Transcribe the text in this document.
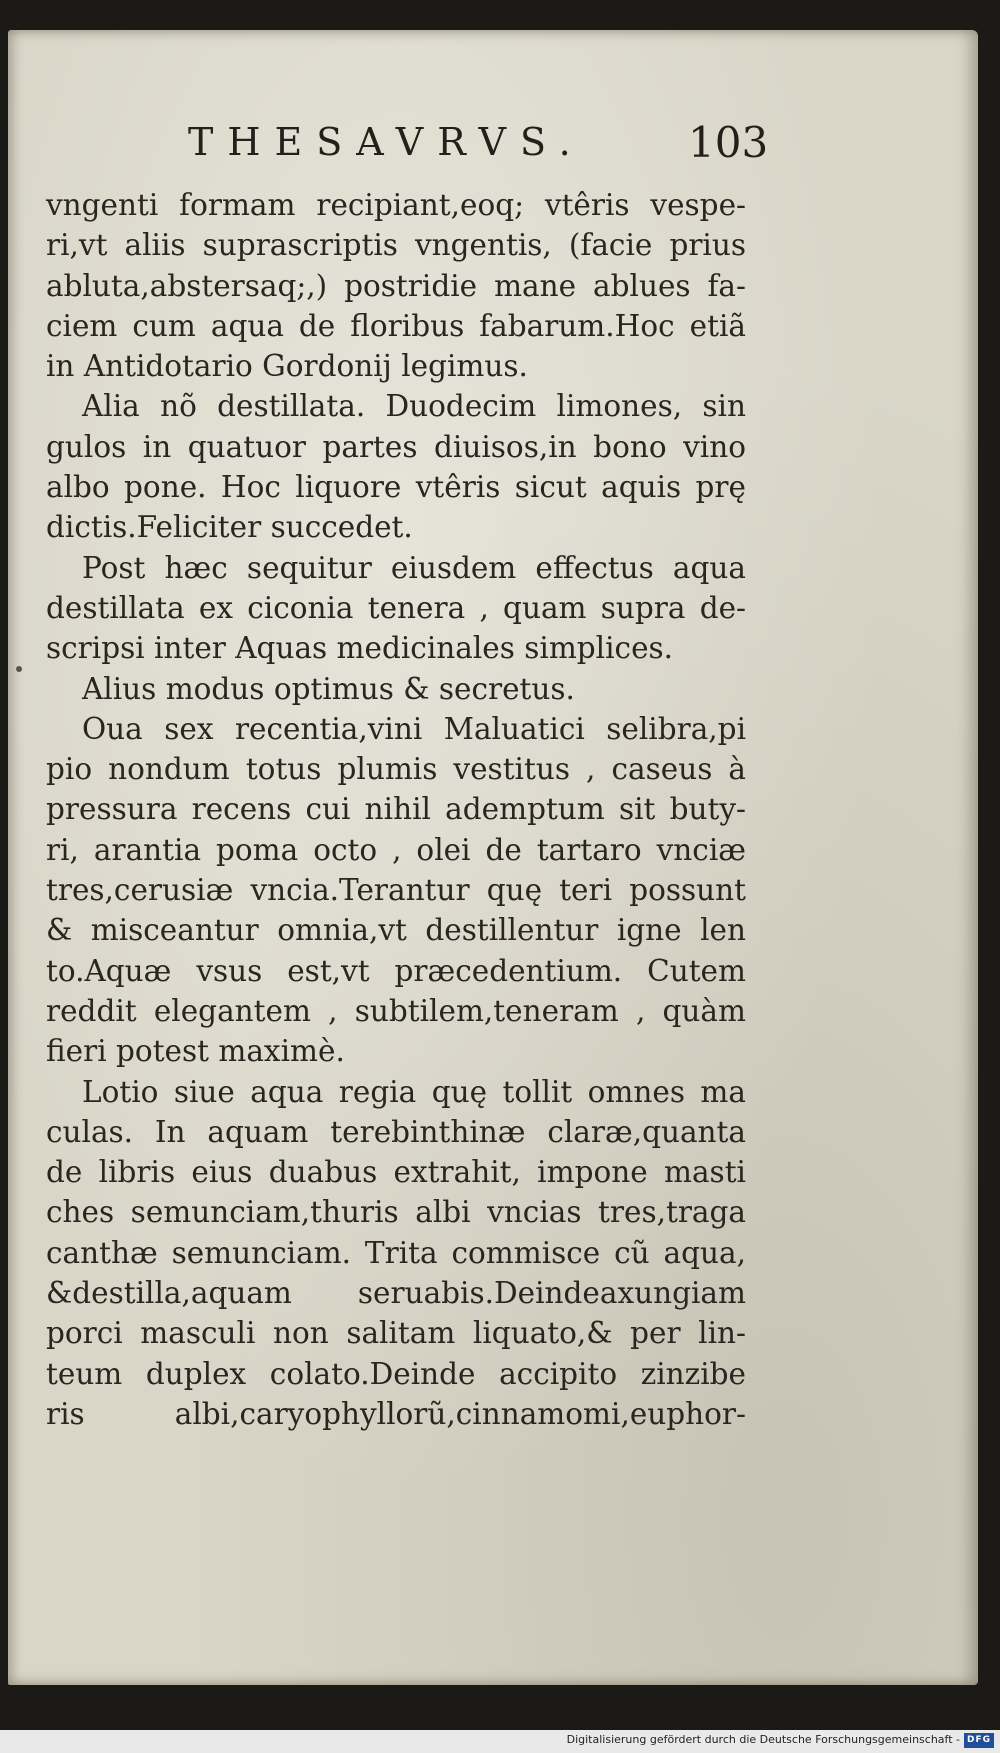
THESAVRVS. 103
vngenti formam recipiant,eoq; vtêris vespe-
ri,vt aliis suprascriptis vngentis, (facie prius
abluta,abstersaq;,) postridie mane ablues fa-
ciem cum aqua de floribus fabarum.Hoc etiã
in Antidotario Gordonij legimus.
Alia nõ destillata. Duodecim limones, sin
gulos in quatuor partes diuisos,in bono vino
albo pone. Hoc liquore vtêris sicut aquis prę
dictis.Feliciter succedet.
Post hæc sequitur eiusdem effectus aqua
destillata ex ciconia tenera , quam supra de-
scripsi inter Aquas medicinales simplices.
Alius modus optimus & secretus.
Oua sex recentia,vini Maluatici selibra,pi
pio nondum totus plumis vestitus , caseus à
pressura recens cui nihil ademptum sit buty-
ri, arantia poma octo , olei de tartaro vnciæ
tres,cerusiæ vncia.Terantur quę teri possunt
& misceantur omnia,vt destillentur igne len
to.Aquæ vsus est,vt præcedentium. Cutem
reddit elegantem , subtilem,teneram , quàm
fieri potest maximè.
Lotio siue aqua regia quę tollit omnes ma
culas. In aquam terebinthinæ claræ,quanta
de libris eius duabus extrahit, impone masti
ches semunciam,thuris albi vncias tres,traga
canthæ semunciam. Trita commisce cũ aqua,
&destilla,aquam seruabis.Deindeaxungiam
porci masculi non salitam liquato,& per lin-
teum duplex colato.Deinde accipito zinzibe
ris albi,caryophyllorũ,cinnamomi,euphor-
Digitalisierung gefördert durch die Deutsche Forschungsgemeinschaft - DFG
